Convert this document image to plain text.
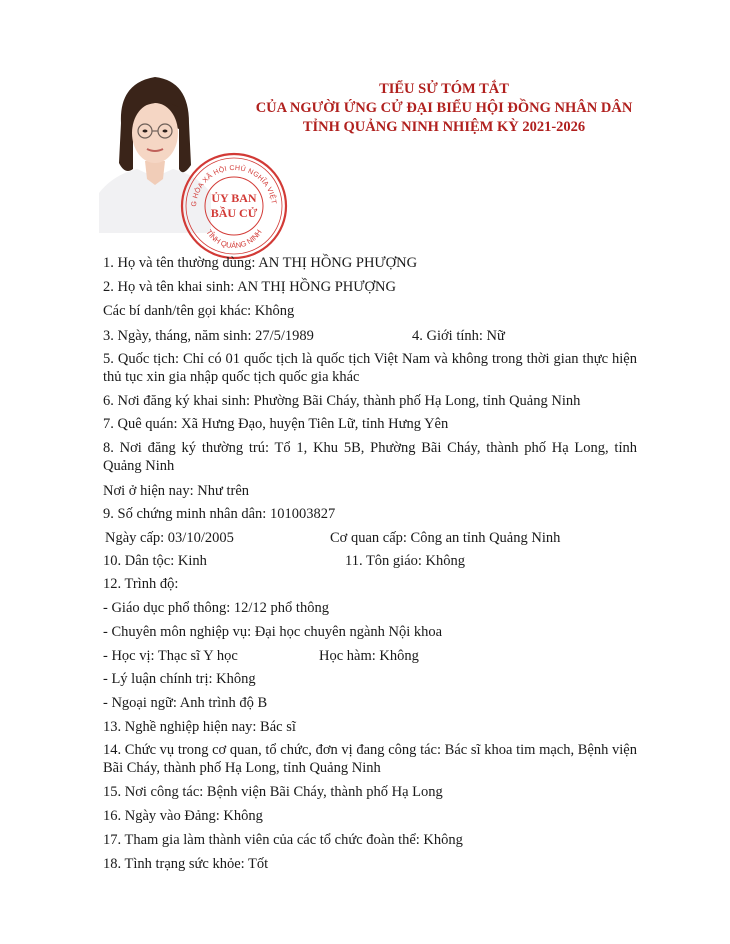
TIỂU SỬ TÓM TẮT
CỦA NGƯỜI ỨNG CỬ ĐẠI BIỂU HỘI ĐỒNG NHÂN DÂN
TỈNH QUẢNG NINH NHIỆM KỲ 2021-2026
G HÒA XÃ HỘI CHỦ NGHĨA VIỆT
TỈNH QUẢNG NINH
ỦY BAN
BẦU CỬ
1. Họ và tên thường dùng: AN THỊ HỒNG PHƯỢNG
2. Họ và tên khai sinh: AN THỊ HỒNG PHƯỢNG
Các bí danh/tên gọi khác: Không
3. Ngày, tháng, năm sinh: 27/5/1989	4. Giới tính: Nữ
5. Quốc tịch: Chỉ có 01 quốc tịch là quốc tịch Việt Nam và không trong thời gian thực hiện thủ tục xin gia nhập quốc tịch quốc gia khác
6. Nơi đăng ký khai sinh: Phường Bãi Cháy, thành phố Hạ Long, tỉnh Quảng Ninh
7. Quê quán: Xã Hưng Đạo, huyện Tiên Lữ, tỉnh Hưng Yên
8. Nơi đăng ký thường trú: Tổ 1, Khu 5B, Phường Bãi Cháy, thành phố Hạ Long, tỉnh Quảng Ninh
Nơi ở hiện nay: Như trên
9. Số chứng minh nhân dân: 101003827
Ngày cấp: 03/10/2005	Cơ quan cấp: Công an tỉnh Quảng Ninh
10. Dân tộc: Kinh	11. Tôn giáo: Không
12. Trình độ:
- Giáo dục phổ thông: 12/12 phổ thông
- Chuyên môn nghiệp vụ: Đại học chuyên ngành Nội khoa
- Học vị: Thạc sĩ Y học	Học hàm: Không
- Lý luận chính trị: Không
- Ngoại ngữ: Anh trình độ B
13. Nghề nghiệp hiện nay: Bác sĩ
14. Chức vụ trong cơ quan, tổ chức, đơn vị đang công tác: Bác sĩ khoa tim mạch, Bệnh viện Bãi Cháy, thành phố Hạ Long, tỉnh Quảng Ninh
15. Nơi công tác: Bệnh viện Bãi Cháy, thành phố Hạ Long
16. Ngày vào Đảng: Không
17. Tham gia làm thành viên của các tổ chức đoàn thể: Không
18. Tình trạng sức khỏe: Tốt
